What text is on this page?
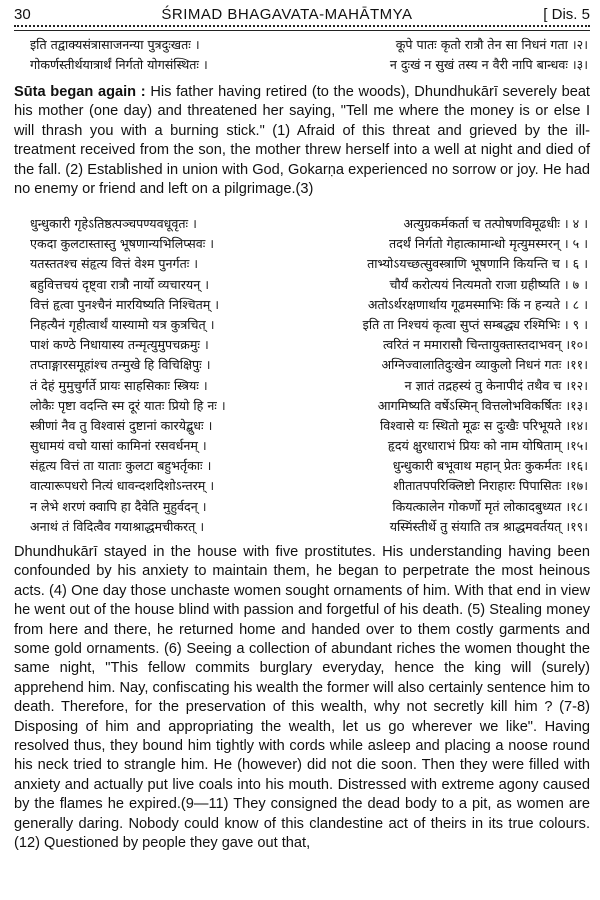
30	ŚRIMAD BHAGAVATA-MAHĀTMYA	[ Dis. 5
इति तद्वाक्यसंत्रासाजनन्या पुत्रदुःखतः ।	कूपे पातः कृतो रात्रौ तेन सा निधनं गता ।२।
गोकर्णस्तीर्थयात्रार्थं निर्गतो योगसंस्थितः ।	न दुःखं न सुखं तस्य न वैरी नापि बान्धवः ।३।

Sūta began again : His father having retired (to the woods), Dhundhukārī severely beat his mother (one day) and threatened her saying, "Tell me where the money is or else I will thrash you with a burning stick." (1) Afraid of this threat and grieved by the ill-treatment received from the son, the mother threw herself into a well at night and died of the fall. (2) Established in union with God, Gokarṇa experienced no sorrow or joy. He had no enemy or friend and left on a pilgrimage.(3)

धुन्धुकारी गृहेऽतिष्ठत्पञ्चपण्यवधूवृतः ।	अत्युग्रकर्मकर्ता च तत्पोषणविमूढधीः । ४ ।
एकदा कुलटास्तास्तु भूषणान्यभिलिप्सवः ।	तदर्थं निर्गतो गेहात्कामान्धो मृत्युमस्मरन् । ५ ।
यतस्ततश्च संहृत्य वित्तं वेश्म पुनर्गतः ।	ताभ्योऽयच्छत्सुवस्त्राणि भूषणानि कियन्ति च । ६ ।
बहुवित्तचयं दृष्ट्वा रात्रौ नार्यो व्यचारयन् ।	चौर्यं करोत्ययं नित्यमतो राजा ग्रहीष्यति । ७ ।
वित्तं हृत्वा पुनश्चैनं मारयिष्यति निश्चितम् ।	अतोऽर्थरक्षणार्थाय गूढमस्माभिः किं न हन्यते । ८ ।
निहत्यैनं गृहीत्वार्थं यास्यामो यत्र कुत्रचित् ।	इति ता निश्चयं कृत्वा सुप्तं सम्बद्ध्य रश्मिभिः । ९ ।
पाशं कण्ठे निधायास्य तन्मृत्युमुपचक्रमुः ।	त्वरितं न ममारासौ चिन्तायुक्तास्तदाभवन् ।१०।
तप्ताङ्गारसमूहांश्च तन्मुखे हि विचिक्षिपुः ।	अग्निज्वालातिदुःखेन व्याकुलो निधनं गतः ।११।
तं देहं मुमुचुर्गर्ते प्रायः साहसिकाः स्त्रियः ।	न ज्ञातं तद्रहस्यं तु केनापीदं तथैव च ।१२।
लोकैः पृष्टा वदन्ति स्म दूरं यातः प्रियो हि नः ।	आगमिष्यति वर्षेऽस्मिन् वित्तलोभविकर्षितः ।१३।
स्त्रीणां नैव तु विश्वासं दुष्टानां कारयेद्बुधः ।	विश्वासे यः स्थितो मूढः स दुःखैः परिभूयते ।१४।
सुधामयं वचो यासां कामिनां रसवर्धनम् ।	हृदयं क्षुरधाराभं प्रियः को नाम योषिताम् ।१५।
संहृत्य वित्तं ता याताः कुलटा बहुभर्तृकाः ।	धुन्धुकारी बभूवाथ महान् प्रेतः कुकर्मतः ।१६।
वात्यारूपधरो नित्यं धावन्दशदिशोऽन्तरम् ।	शीतातपपरिक्लिष्टो निराहारः पिपासितः ।१७।
न लेभे शरणं क्वापि हा दैवेति मुहुर्वदन् ।	कियत्कालेन गोकर्णो मृतं लोकादबुध्यत ।१८।
अनाथं तं विदित्वैव गयाश्राद्धमचीकरत् ।	यस्मिंस्तीर्थे तु संयाति तत्र श्राद्धमवर्तयत् ।१९।

Dhundhukārī stayed in the house with five prostitutes. His understanding having been confounded by his anxiety to maintain them, he began to perpetrate the most heinous acts. (4) One day those unchaste women sought ornaments of him. With that end in view he went out of the house blind with passion and forgetful of his death. (5) Stealing money from here and there, he returned home and handed over to them costly garments and some gold ornaments. (6) Seeing a collection of abundant riches the women thought the same night, "This fellow commits burglary everyday, hence the king will (surely) apprehend him. Nay, confiscating his wealth the former will also certainly sentence him to death. Therefore, for the preservation of this wealth, why not secretly kill him ? (7-8) Disposing of him and appropriating the wealth, let us go wherever we like". Having resolved thus, they bound him tightly with cords while asleep and placing a noose round his neck tried to strangle him. He (however) did not die soon. Then they were filled with anxiety and actually put live coals into his mouth. Distressed with extreme agony caused by the flames he expired.(9—11) They consigned the dead body to a pit, as women are generally daring. Nobody could know of this clandestine act of theirs in its true colours. (12) Questioned by people they gave out that,
